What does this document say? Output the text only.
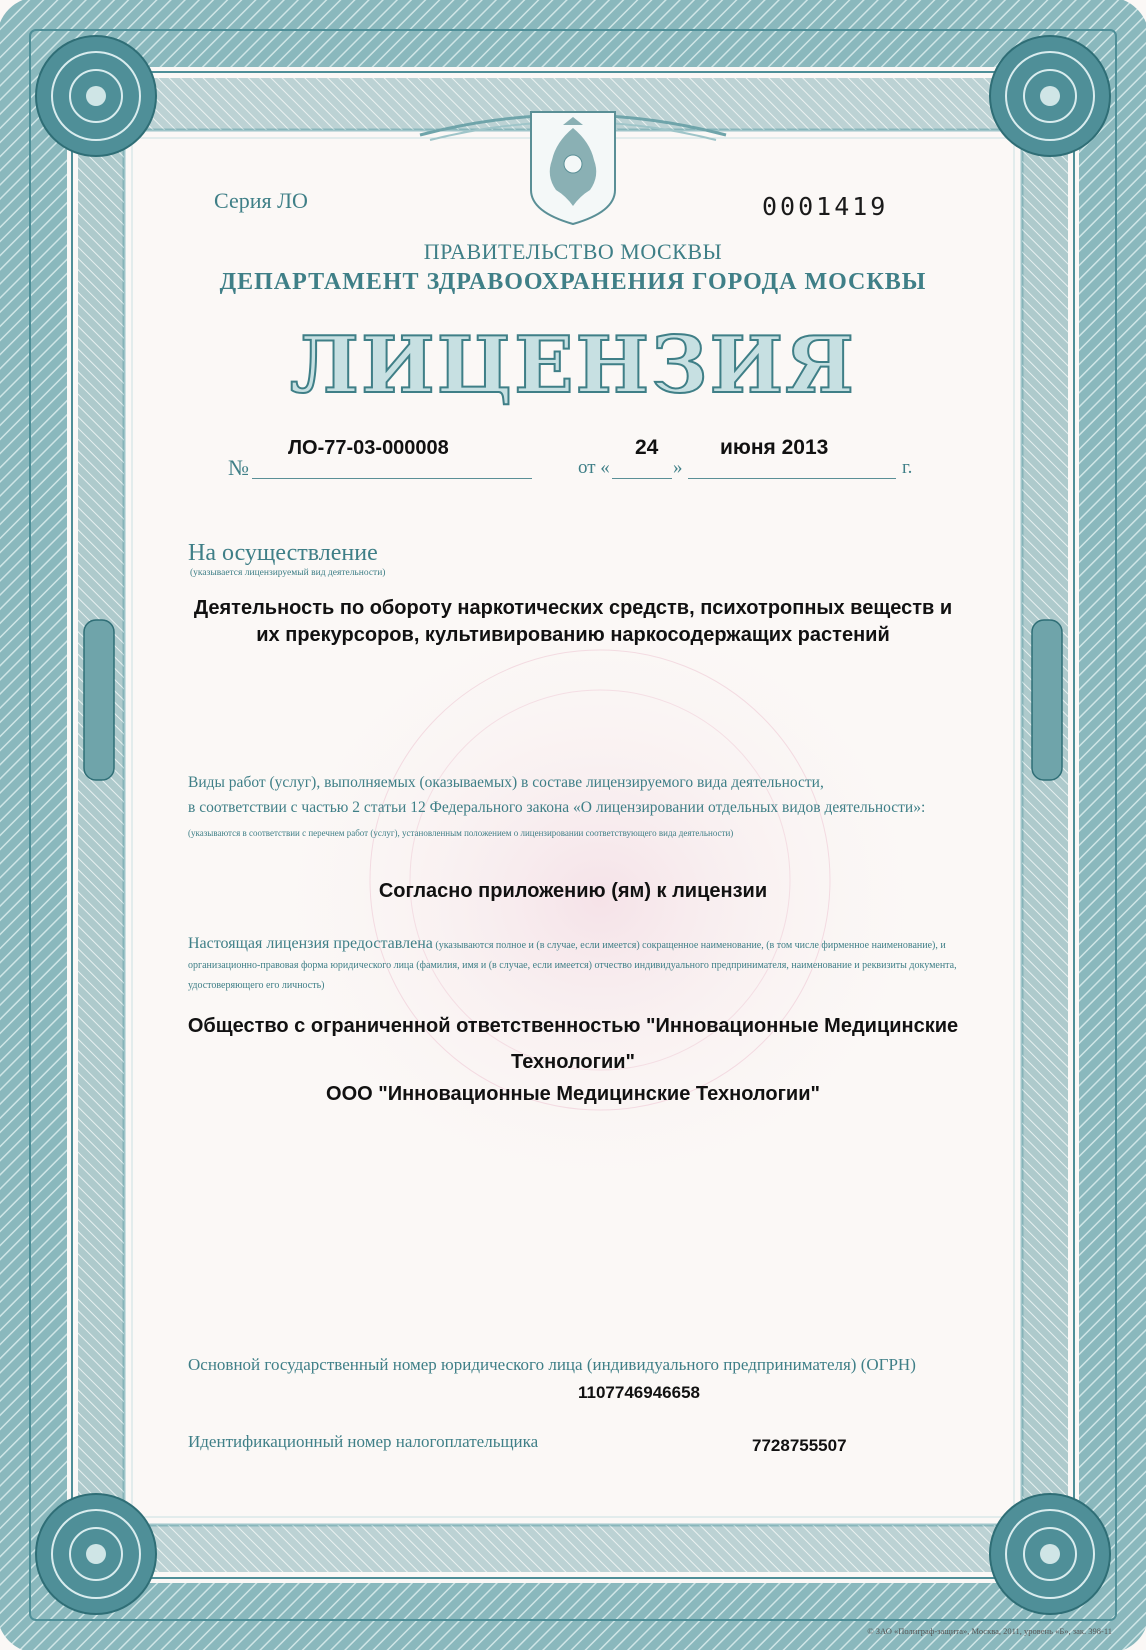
Серия ЛО	0001419
ПРАВИТЕЛЬСТВО МОСКВЫ
ДЕПАРТАМЕНТ ЗДРАВООХРАНЕНИЯ ГОРОДА МОСКВЫ
ЛИЦЕНЗИЯ
№
ЛО-77-03-000008
от «	»
24	июня 2013
г.
На осуществление
(указывается лицензируемый вид деятельности)
Деятельность по обороту наркотических средств, психотропных веществ и
их прекурсоров, культивированию наркосодержащих растений
Виды работ (услуг), выполняемых (оказываемых) в составе лицензируемого вида деятельности,
в соответствии с частью 2 статьи 12 Федерального закона «О лицензировании отдельных видов деятельности»:
(указываются в соответствии с перечнем работ (услуг), установленным положением о лицензировании соответствующего вида деятельности)
Согласно приложению (ям) к лицензии
Настоящая лицензия предоставлена (указываются полное и (в случае, если имеется) сокращенное наименование, (в том числе фирменное наименование), и организационно-правовая форма юридического лица (фамилия, имя и (в случае, если имеется) отчество индивидуального предпринимателя, наименование и реквизиты документа, удостоверяющего его личность)
Общество с ограниченной ответственностью "Инновационные Медицинские
Технологии"
ООО "Инновационные Медицинские Технологии"
Основной государственный номер юридического лица (индивидуального предпринимателя) (ОГРН)
1107746946658
Идентификационный номер налогоплательщика	7728755507
© ЗАО «Полиграф-защита», Москва, 2011, уровень «Б», зак. 398-11
